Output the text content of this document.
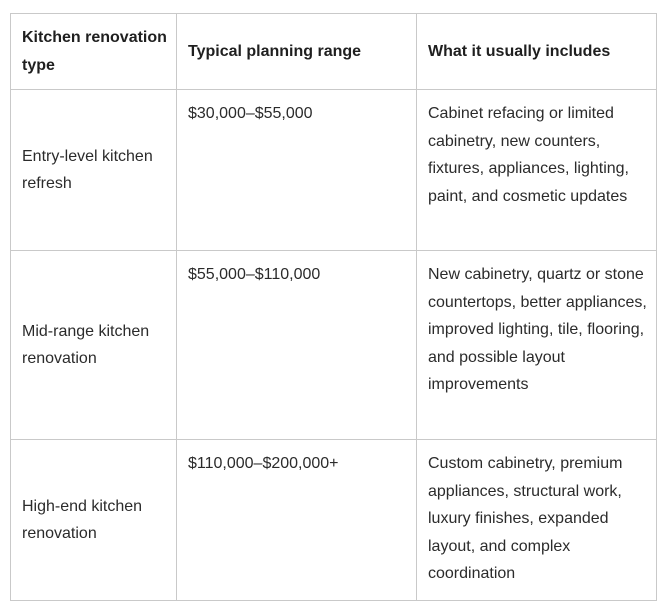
Kitchen renovation type	Typical planning range	What it usually includes
Entry-level kitchen refresh	$30,000–$55,000	Cabinet refacing or limited cabinetry, new counters, fixtures, appliances, lighting, paint, and cosmetic updates
Mid-range kitchen renovation	$55,000–$110,000	New cabinetry, quartz or stone countertops, better appliances, improved lighting, tile, flooring, and possible layout improvements
High-end kitchen renovation	$110,000–$200,000+	Custom cabinetry, premium appliances, structural work, luxury finishes, expanded layout, and complex coordination
